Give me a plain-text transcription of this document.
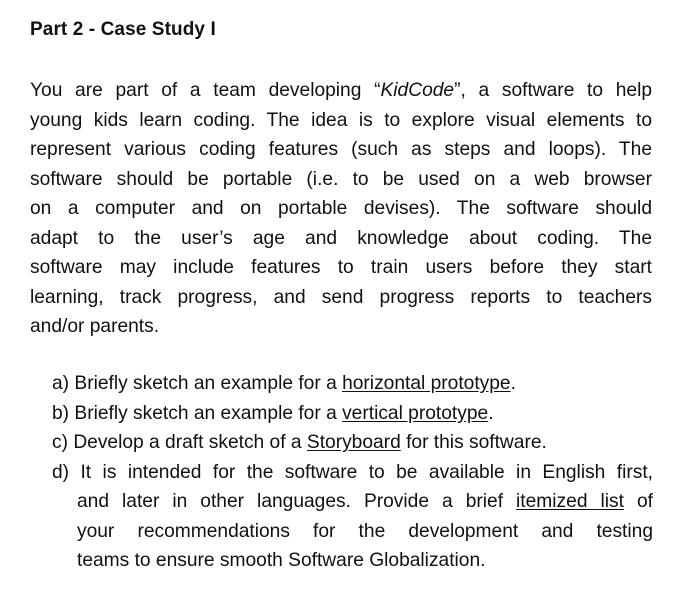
Part 2 - Case Study I
You are part of a team developing “KidCode”, a software to help
young kids learn coding. The idea is to explore visual elements to
represent various coding features (such as steps and loops). The
software should be portable (i.e. to be used on a web browser
on a computer and on portable devises). The software should
adapt to the user’s age and knowledge about coding. The
software may include features to train users before they start
learning, track progress, and send progress reports to teachers
and/or parents.
a) Briefly sketch an example for a horizontal prototype.
b) Briefly sketch an example for a vertical prototype.
c) Develop a draft sketch of a Storyboard for this software.
d) It is intended for the software to be available in English first,
and later in other languages. Provide a brief itemized list of
your recommendations for the development and testing
teams to ensure smooth Software Globalization.
